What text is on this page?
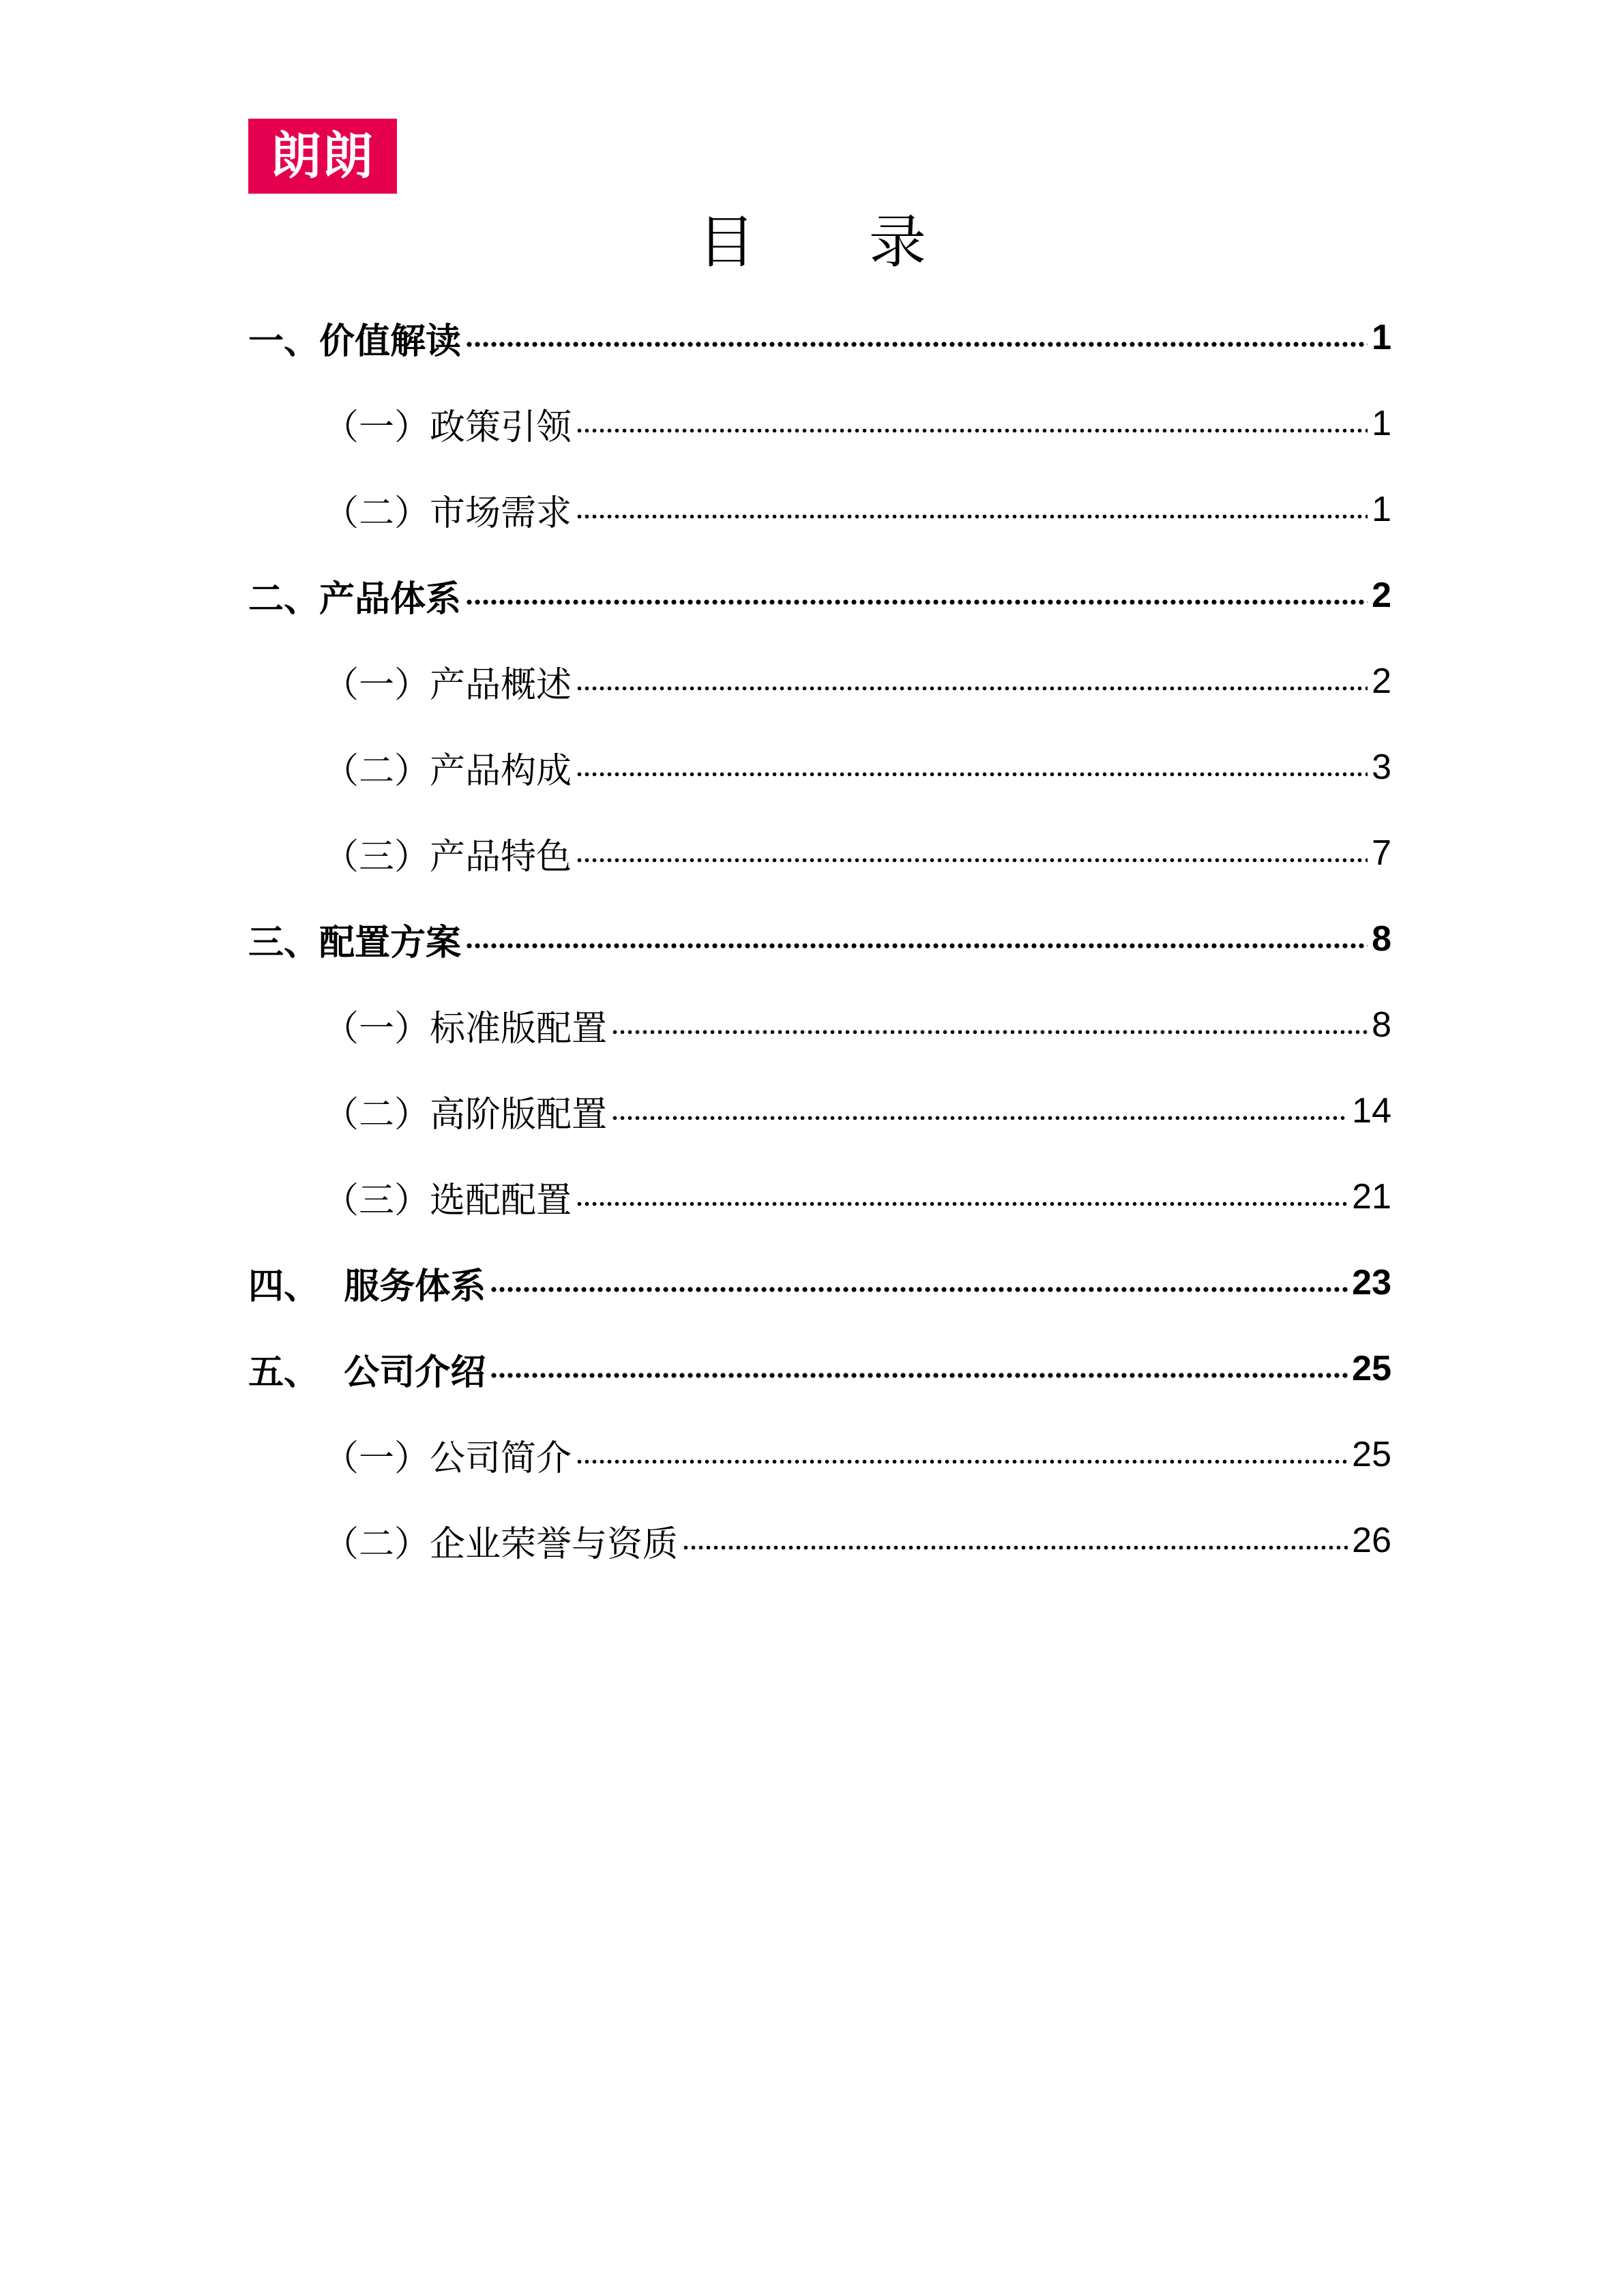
朗朗
目 录
一、价值解读	1
（一）政策引领	1
（二）市场需求	1
二、产品体系	2
（一）产品概述	2
（二）产品构成	3
（三）产品特色	7
三、配置方案	8
（一）标准版配置	8
（二）高阶版配置	14
（三）选配配置	21
四、  服务体系	23
五、  公司介绍	25
（一）公司简介	25
（二）企业荣誉与资质	26
